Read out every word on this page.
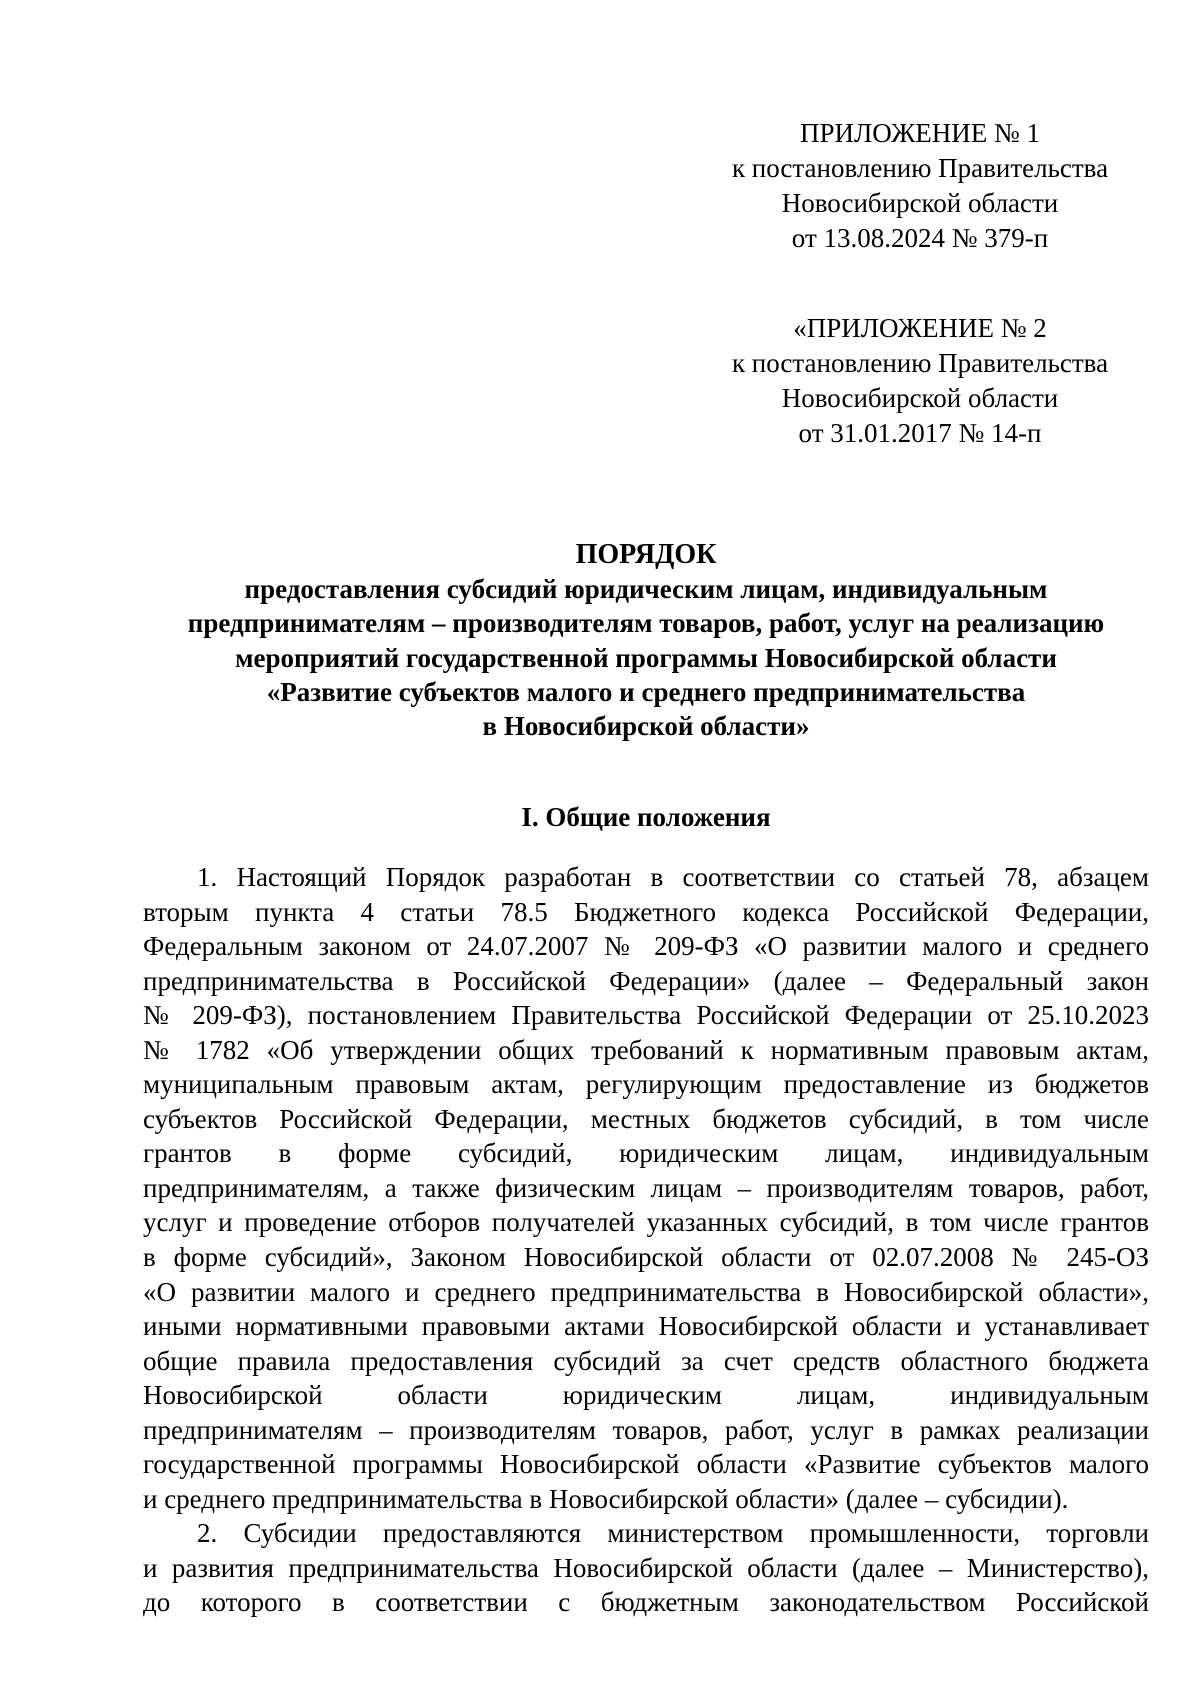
ПРИЛОЖЕНИЕ № 1
к постановлению Правительства
Новосибирской области
от 13.08.2024 № 379-п
«ПРИЛОЖЕНИЕ № 2
к постановлению Правительства
Новосибирской области
от 31.01.2017 № 14-п
ПОРЯДОК
предоставления субсидий юридическим лицам, индивидуальным
предпринимателям – производителям товаров, работ, услуг на реализацию
мероприятий государственной программы Новосибирской области
«Развитие субъектов малого и среднего предпринимательства
в Новосибирской области»
I. Общие положения
1. Настоящий Порядок разработан в соответствии со статьей 78, абзацем
вторым пункта 4 статьи 78.5 Бюджетного кодекса Российской Федерации,
Федеральным законом от 24.07.2007 № 209-ФЗ «О развитии малого и среднего
предпринимательства в Российской Федерации» (далее – Федеральный закон
№ 209-ФЗ), постановлением Правительства Российской Федерации от 25.10.2023
№ 1782 «Об утверждении общих требований к нормативным правовым актам,
муниципальным правовым актам, регулирующим предоставление из бюджетов
субъектов Российской Федерации, местных бюджетов субсидий, в том числе
грантов в форме субсидий, юридическим лицам, индивидуальным
предпринимателям, а также физическим лицам – производителям товаров, работ,
услуг и проведение отборов получателей указанных субсидий, в том числе грантов
в форме субсидий», Законом Новосибирской области от 02.07.2008 № 245-ОЗ
«О развитии малого и среднего предпринимательства в Новосибирской области»,
иными нормативными правовыми актами Новосибирской области и устанавливает
общие правила предоставления субсидий за счет средств областного бюджета
Новосибирской области юридическим лицам, индивидуальным
предпринимателям – производителям товаров, работ, услуг в рамках реализации
государственной программы Новосибирской области «Развитие субъектов малого
и среднего предпринимательства в Новосибирской области» (далее – субсидии).
2. Субсидии предоставляются министерством промышленности, торговли
и развития предпринимательства Новосибирской области (далее – Министерство),
до которого в соответствии с бюджетным законодательством Российской
